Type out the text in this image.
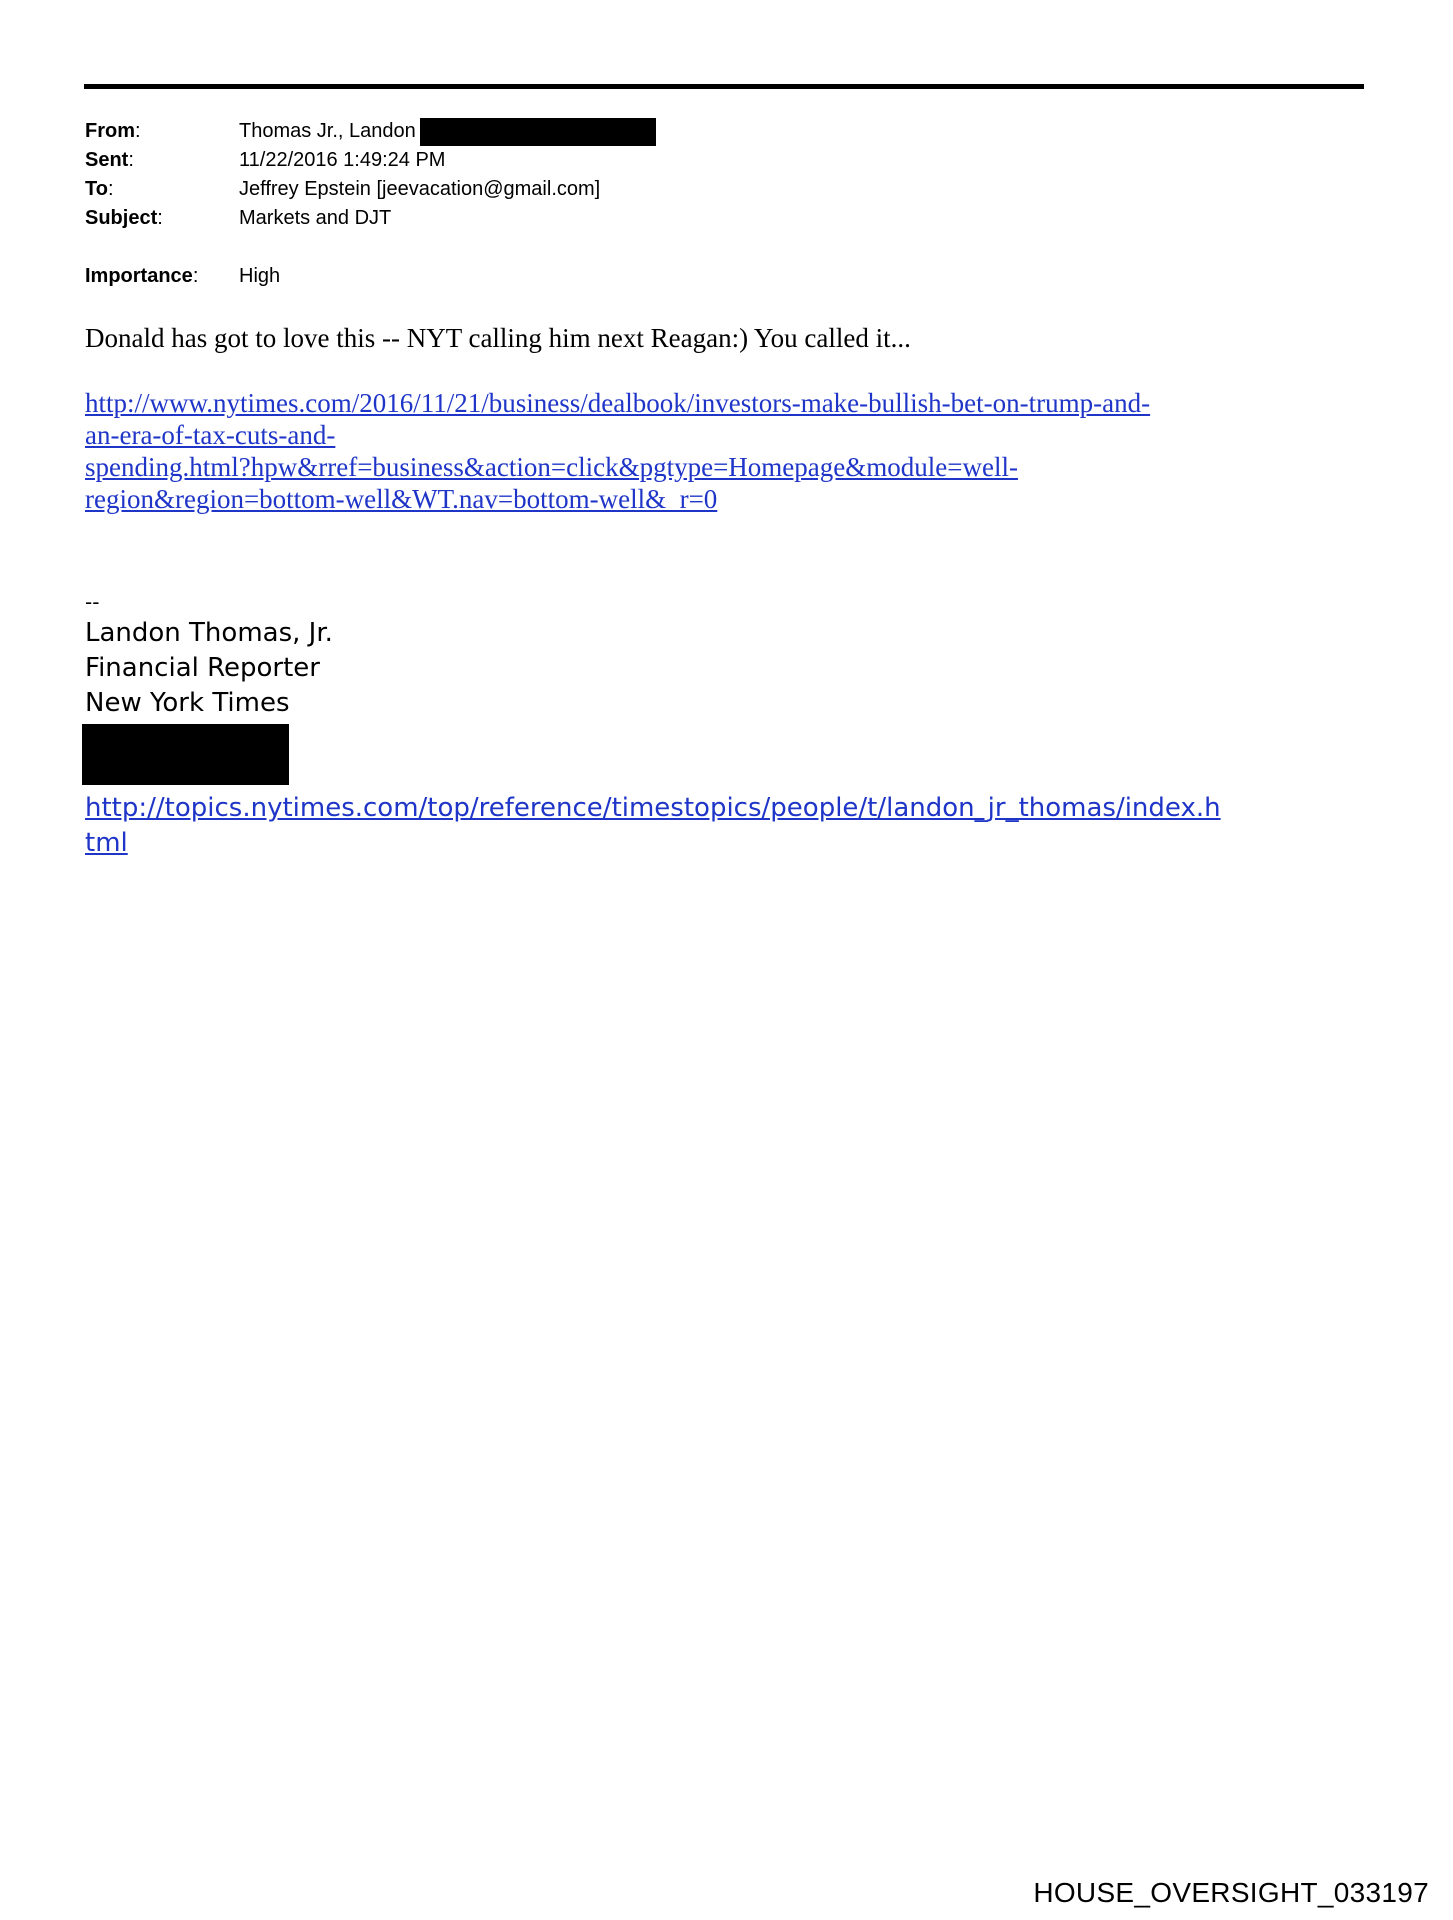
From:	Thomas Jr., Landon
Sent:	11/22/2016 1:49:24 PM
To:	Jeffrey Epstein [jeevacation@gmail.com]
Subject:	Markets and DJT
Importance:	High
Donald has got to love this -- NYT calling him next Reagan:) You called it...
http://www.nytimes.com/2016/11/21/business/dealbook/investors-make-bullish-bet-on-trump-and-
an-era-of-tax-cuts-and-
spending.html?hpw&rref=business&action=click&pgtype=Homepage&module=well-
region&region=bottom-well&WT.nav=bottom-well&_r=0
--
Landon Thomas, Jr.
Financial Reporter
New York Times
http://topics.nytimes.com/top/reference/timestopics/people/t/landon_jr_thomas/index.h
tml
HOUSE_OVERSIGHT_033197
